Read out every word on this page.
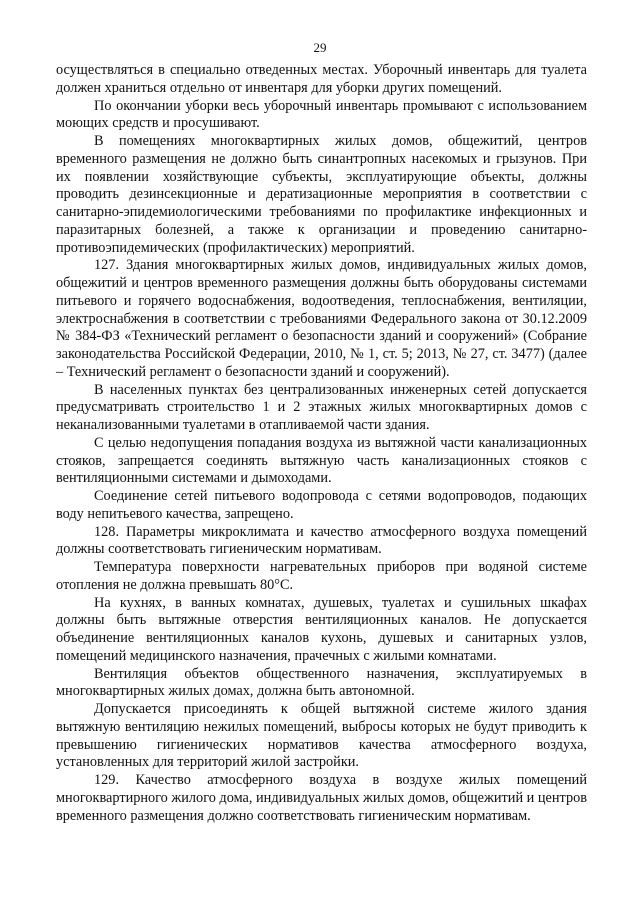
29

осуществляться в специально отведенных местах. Уборочный инвентарь для туалета должен храниться отдельно от инвентаря для уборки других помещений.

По окончании уборки весь уборочный инвентарь промывают с использованием моющих средств и просушивают.

В помещениях многоквартирных жилых домов, общежитий, центров временного размещения не должно быть синантропных насекомых и грызунов. При их появлении хозяйствующие субъекты, эксплуатирующие объекты, должны проводить дезинсекционные и дератизационные мероприятия в соответствии с санитарно-эпидемиологическими требованиями по профилактике инфекционных и паразитарных болезней, а также к организации и проведению санитарно-противоэпидемических (профилактических) мероприятий.

127. Здания многоквартирных жилых домов, индивидуальных жилых домов, общежитий и центров временного размещения должны быть оборудованы системами питьевого и горячего водоснабжения, водоотведения, теплоснабжения, вентиляции, электроснабжения в соответствии с требованиями Федерального закона от 30.12.2009 № 384-ФЗ «Технический регламент о безопасности зданий и сооружений» (Собрание законодательства Российской Федерации, 2010, № 1, ст. 5; 2013, № 27, ст. 3477) (далее – Технический регламент о безопасности зданий и сооружений).

В населенных пунктах без централизованных инженерных сетей допускается предусматривать строительство 1 и 2 этажных жилых многоквартирных домов с неканализованными туалетами в отапливаемой части здания.

С целью недопущения попадания воздуха из вытяжной части канализационных стояков, запрещается соединять вытяжную часть канализационных стояков с вентиляционными системами и дымоходами.

Соединение сетей питьевого водопровода с сетями водопроводов, подающих воду непитьевого качества, запрещено.

128. Параметры микроклимата и качество атмосферного воздуха помещений должны соответствовать гигиеническим нормативам.

Температура поверхности нагревательных приборов при водяной системе отопления не должна превышать 80°C.

На кухнях, в ванных комнатах, душевых, туалетах и сушильных шкафах должны быть вытяжные отверстия вентиляционных каналов. Не допускается объединение вентиляционных каналов кухонь, душевых и санитарных узлов, помещений медицинского назначения, прачечных с жилыми комнатами.

Вентиляция объектов общественного назначения, эксплуатируемых в многоквартирных жилых домах, должна быть автономной.

Допускается присоединять к общей вытяжной системе жилого здания вытяжную вентиляцию нежилых помещений, выбросы которых не будут приводить к превышению гигиенических нормативов качества атмосферного воздуха, установленных для территорий жилой застройки.

129. Качество атмосферного воздуха в воздухе жилых помещений многоквартирного жилого дома, индивидуальных жилых домов, общежитий и центров временного размещения должно соответствовать гигиеническим нормативам.
